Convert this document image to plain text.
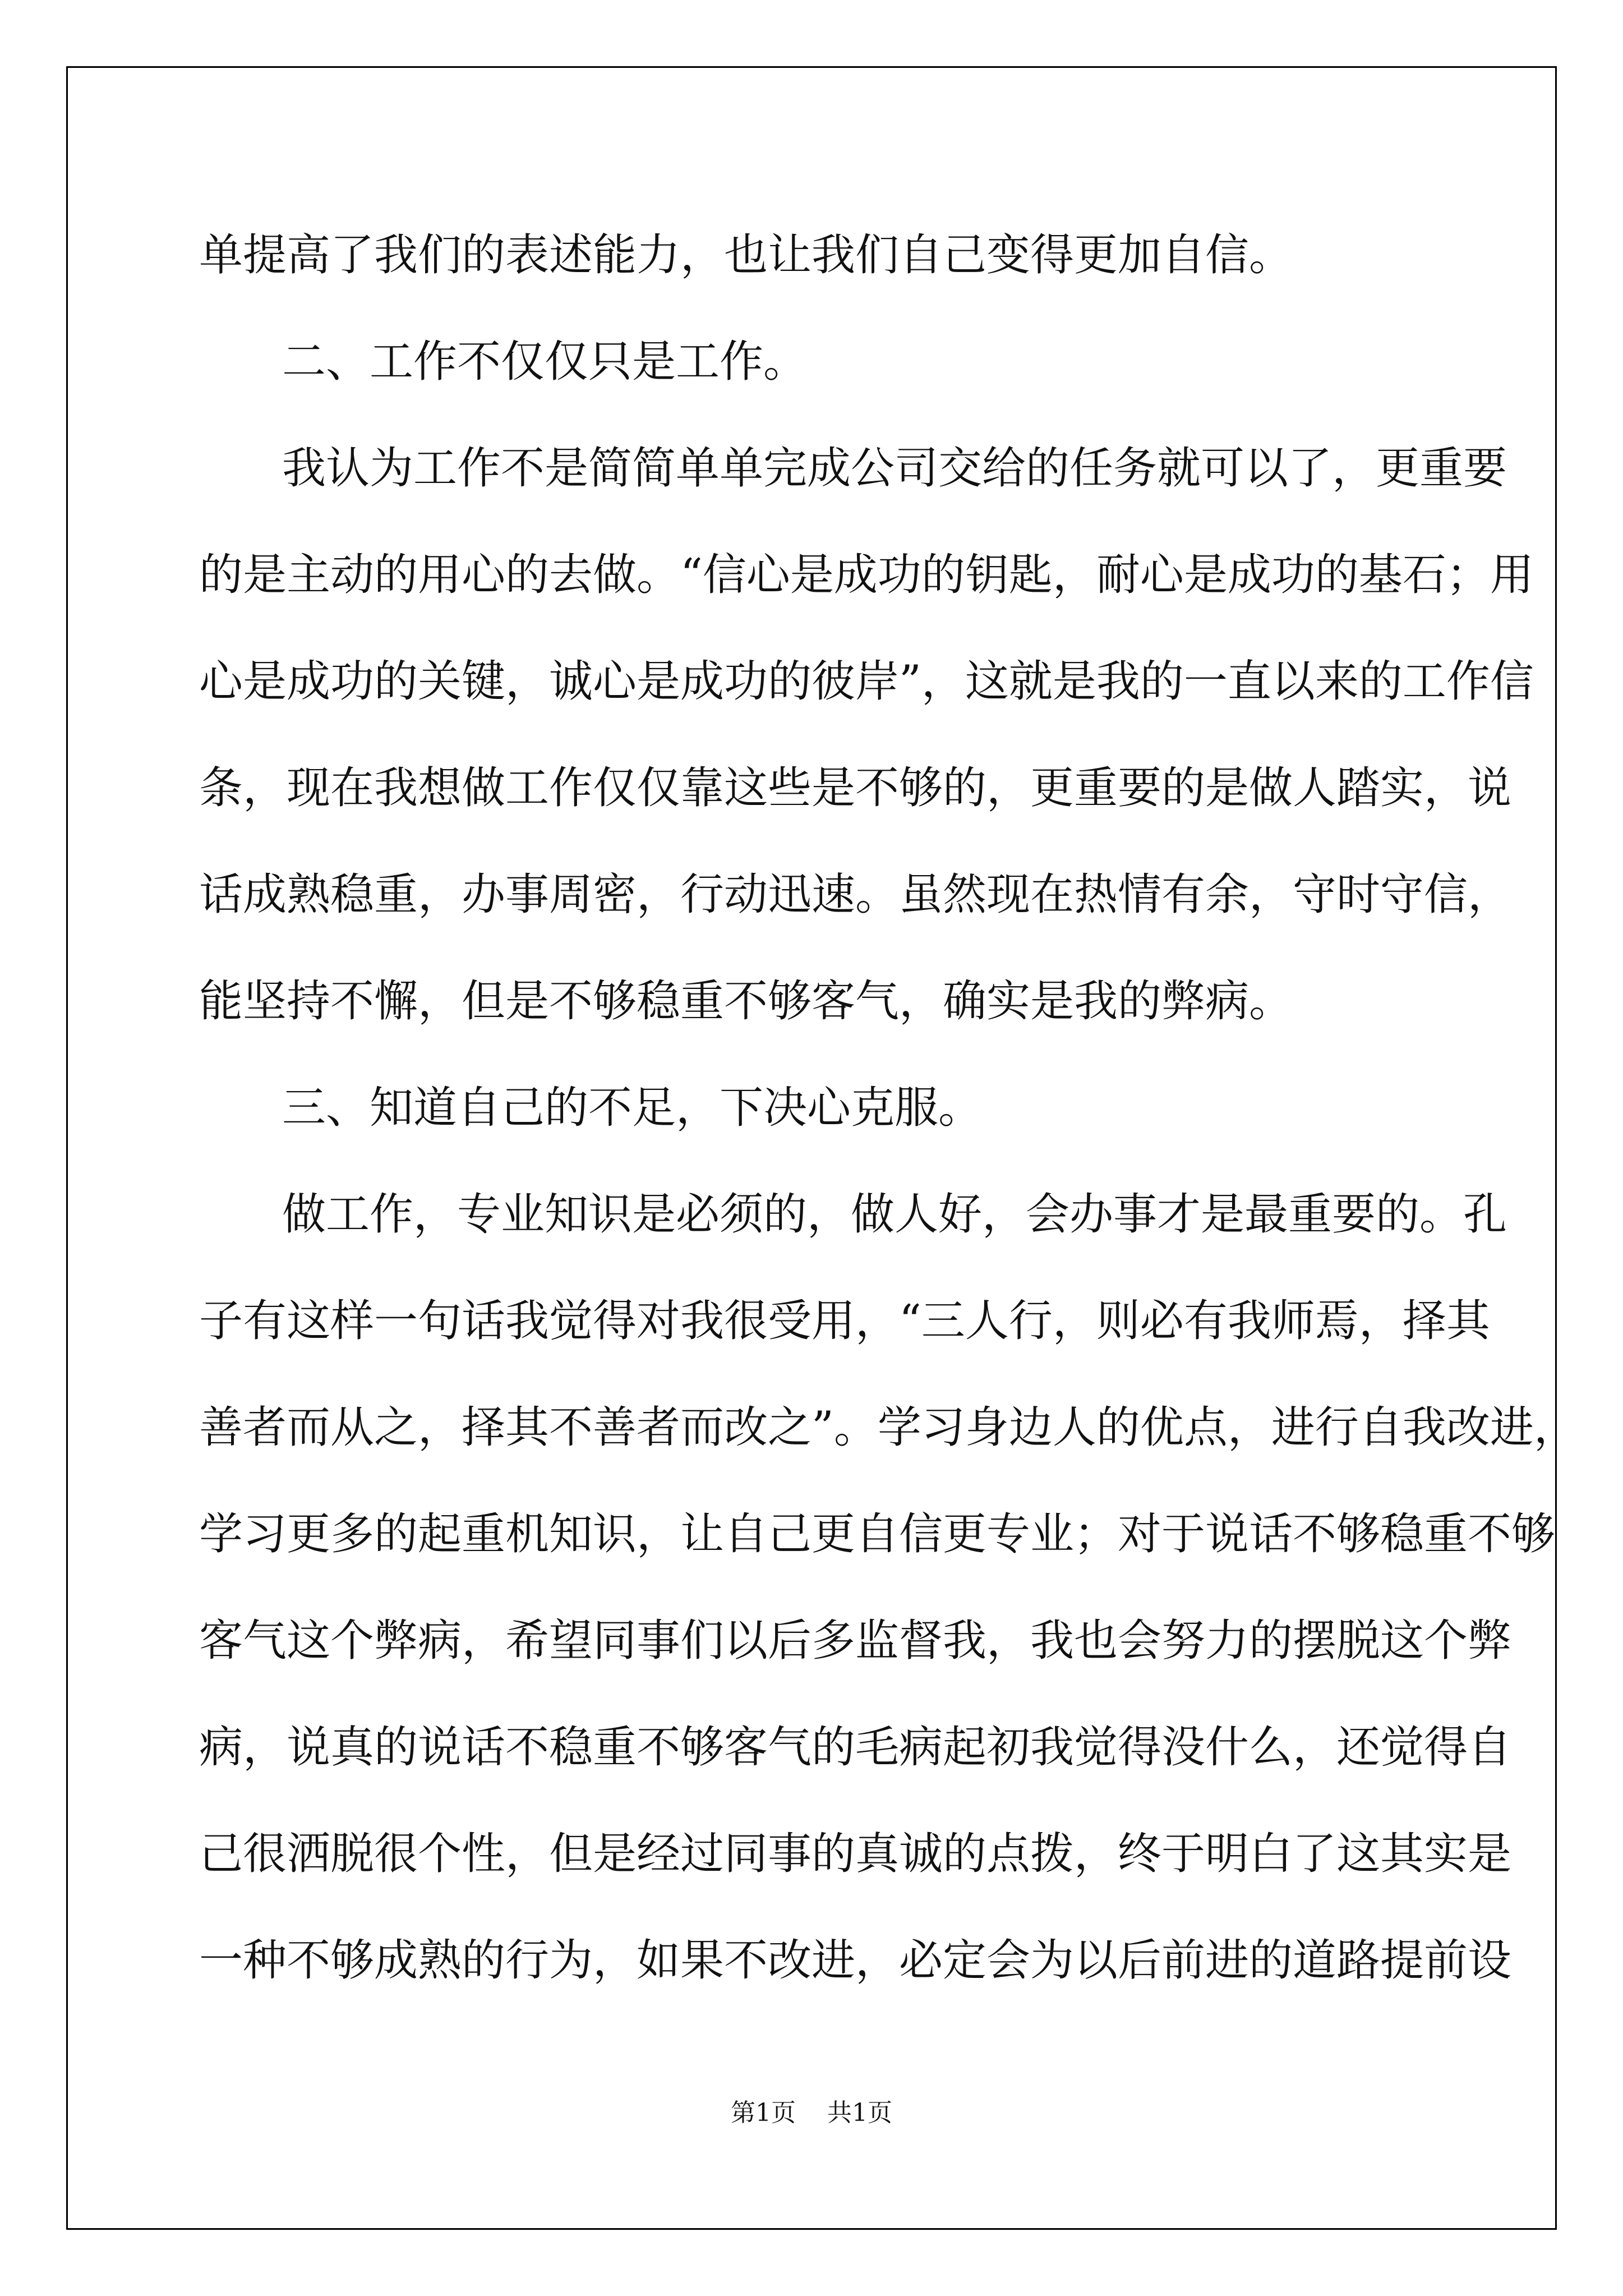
单提高了我们的表述能力，也让我们自己变得更加自信。
二、工作不仅仅只是工作。
我认为工作不是简简单单完成公司交给的任务就可以了，更重要
的是主动的用心的去做。“信心是成功的钥匙，耐心是成功的基石；用
心是成功的关键，诚心是成功的彼岸”，这就是我的一直以来的工作信
条，现在我想做工作仅仅靠这些是不够的，更重要的是做人踏实，说
话成熟稳重，办事周密，行动迅速。虽然现在热情有余，守时守信，
能坚持不懈，但是不够稳重不够客气，确实是我的弊病。
三、知道自己的不足，下决心克服。
做工作，专业知识是必须的，做人好，会办事才是最重要的。孔
子有这样一句话我觉得对我很受用，“三人行，则必有我师焉，择其
善者而从之，择其不善者而改之”。学习身边人的优点，进行自我改进，
学习更多的起重机知识，让自己更自信更专业；对于说话不够稳重不够
客气这个弊病，希望同事们以后多监督我，我也会努力的摆脱这个弊
病，说真的说话不稳重不够客气的毛病起初我觉得没什么，还觉得自
己很洒脱很个性，但是经过同事的真诚的点拨，终于明白了这其实是
一种不够成熟的行为，如果不改进，必定会为以后前进的道路提前设
第1页 共1页
